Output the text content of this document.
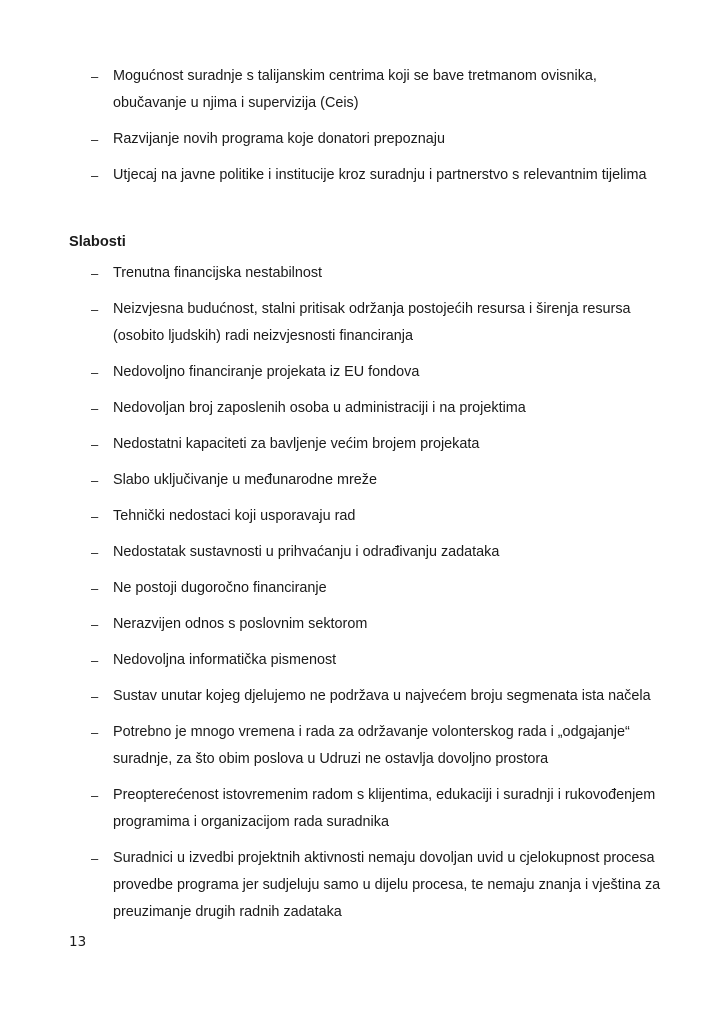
– Mogućnost suradnje s talijanskim centrima koji se bave tretmanom ovisnika, obučavanje u njima i supervizija (Ceis)
– Razvijanje novih programa koje donatori prepoznaju
– Utjecaj na javne politike i institucije kroz suradnju i partnerstvo s relevantnim tijelima
Slabosti
– Trenutna financijska nestabilnost
– Neizvjesna budućnost, stalni pritisak održanja postojećih resursa i širenja resursa (osobito ljudskih) radi neizvjesnosti financiranja
– Nedovoljno financiranje projekata iz EU fondova
– Nedovoljan broj zaposlenih osoba u administraciji i na projektima
– Nedostatni kapaciteti za bavljenje većim brojem projekata
– Slabo uključivanje u međunarodne mreže
– Tehnički nedostaci koji usporavaju rad
– Nedostatak sustavnosti u prihvaćanju i odrađivanju zadataka
– Ne postoji dugoročno financiranje
– Nerazvijen odnos s poslovnim sektorom
– Nedovoljna informatička pismenost
– Sustav unutar kojeg djelujemo ne podržava u najvećem broju segmenata ista načela
– Potrebno je mnogo vremena i rada za održavanje volonterskog rada i „odgajanje“ suradnje, za što obim poslova u Udruzi ne ostavlja dovoljno prostora
– Preopterećenost istovremenim radom s klijentima, edukaciji i suradnji i rukovođenjem programima i organizacijom rada suradnika
– Suradnici u izvedbi projektnih aktivnosti nemaju dovoljan uvid u cjelokupnost procesa provedbe programa jer sudjeluju samo u dijelu procesa, te nemaju znanja i vještina za preuzimanje drugih radnih zadataka
13
